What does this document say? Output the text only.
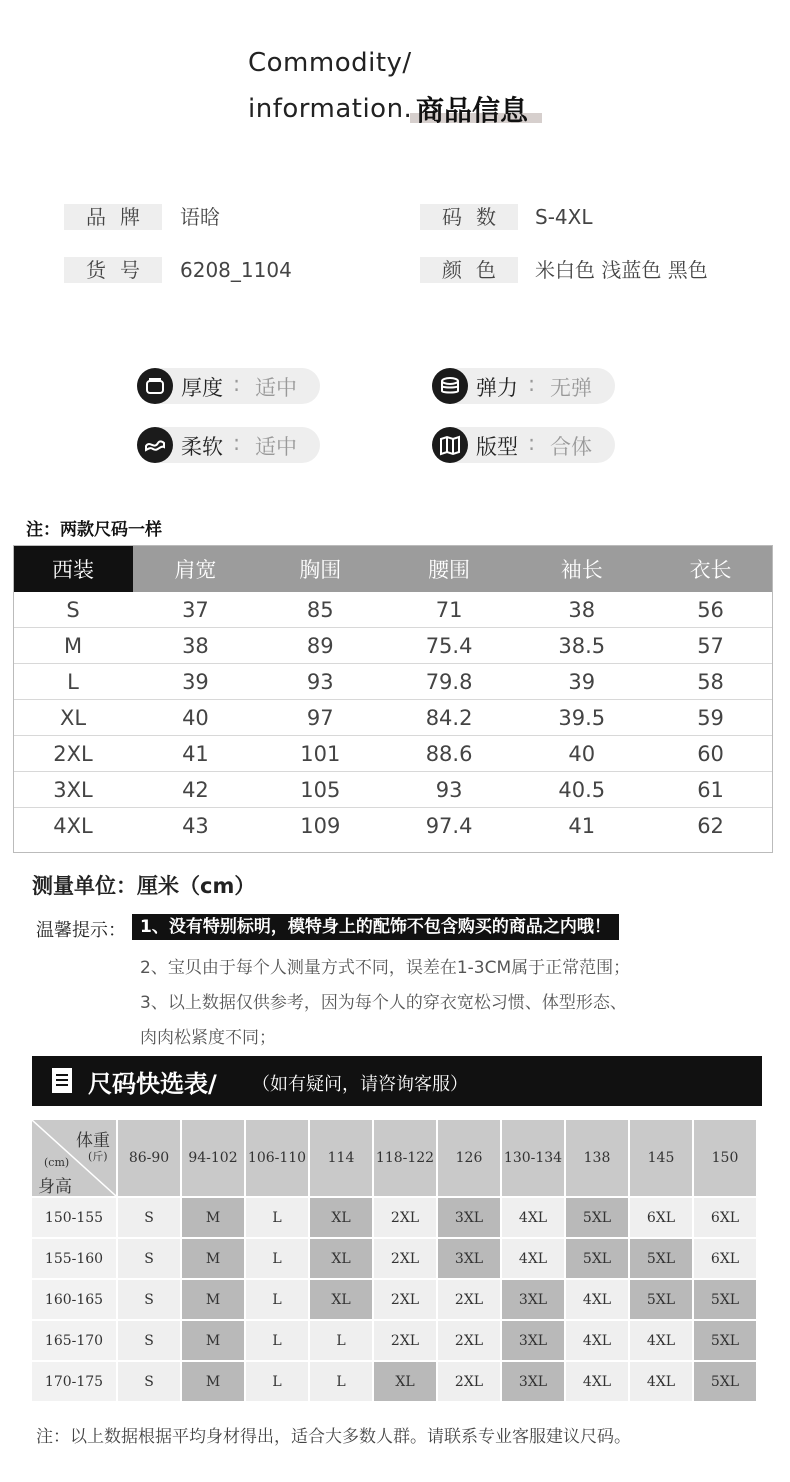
Commodity/
information. 商品信息
品牌	语晗	码数	S-4XL
货号	6208_1104	颜色	米白色 浅蓝色 黑色
厚度 : 适中	弹力 : 无弹
柔软 : 适中	版型 : 合体
注：两款尺码一样
西装	肩宽	胸围	腰围	袖长	衣长
S	37	85	71	38	56
M	38	89	75.4	38.5	57
L	39	93	79.8	39	58
XL	40	97	84.2	39.5	59
2XL	41	101	88.6	40	60
3XL	42	105	93	40.5	61
4XL	43	109	97.4	41	62
测量单位：厘米（cm）
温馨提示： 1、没有特别标明，模特身上的配饰不包含购买的商品之内哦！
2、宝贝由于每个人测量方式不同，误差在1-3CM属于正常范围；
3、以上数据仅供参考，因为每个人的穿衣宽松习惯、体型形态、
肉肉松紧度不同；
尺码快选表/ （如有疑问，请咨询客服）
体重
(斤)
(cm)
身高	86-90	94-102	106-110	114	118-122	126	130-134	138	145	150
150-155	S	M	L	XL	2XL	3XL	4XL	5XL	6XL	6XL
155-160	S	M	L	XL	2XL	3XL	4XL	5XL	5XL	6XL
160-165	S	M	L	XL	2XL	2XL	3XL	4XL	5XL	5XL
165-170	S	M	L	L	2XL	2XL	3XL	4XL	4XL	5XL
170-175	S	M	L	L	XL	2XL	3XL	4XL	4XL	5XL
注：以上数据根据平均身材得出，适合大多数人群。请联系专业客服建议尺码。
